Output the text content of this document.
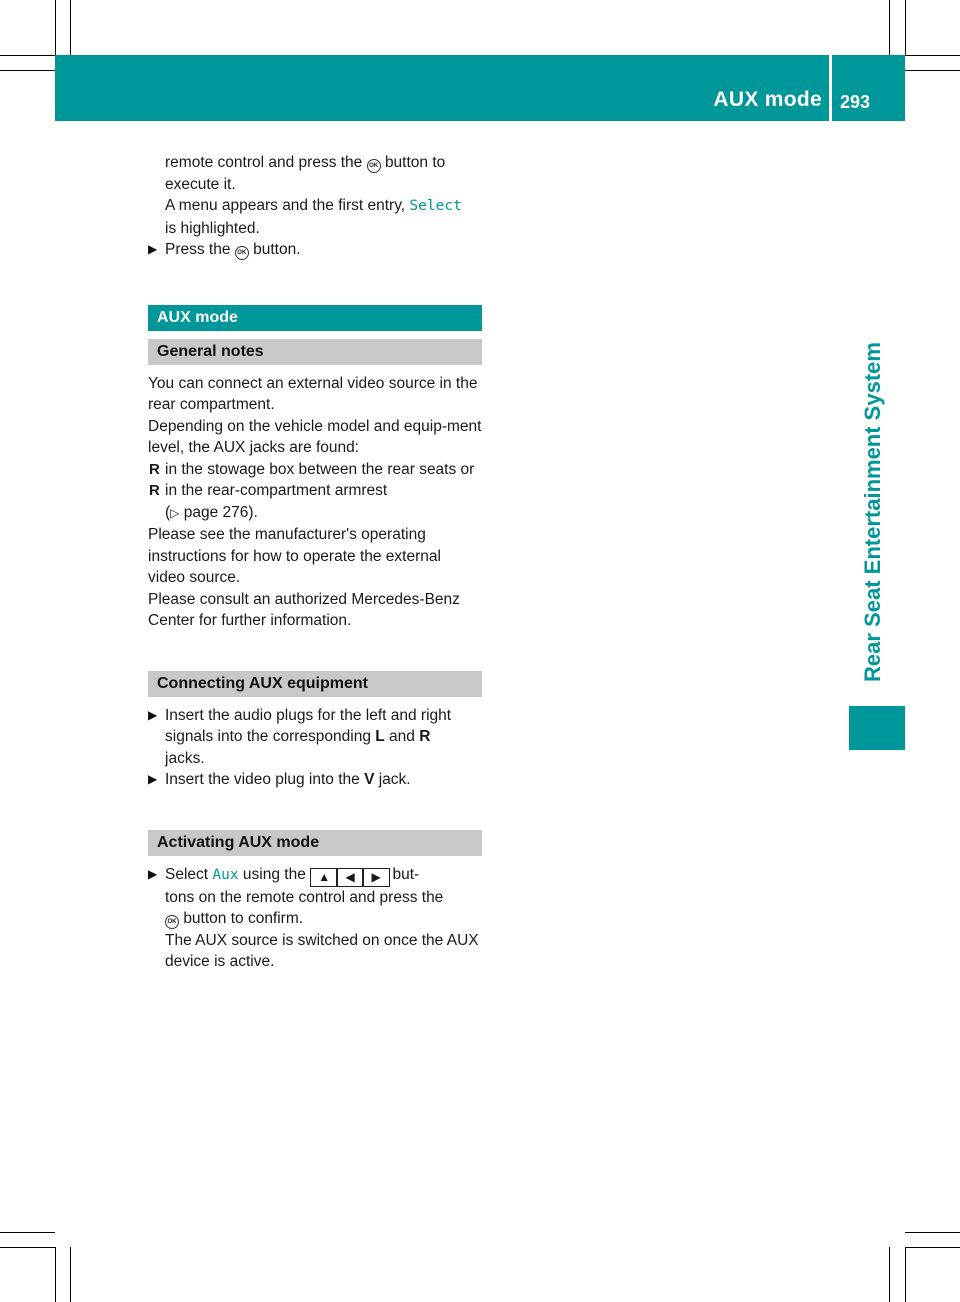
AUX mode 293
Rear Seat Entertainment System

remote control and press the OK button to

execute it.

A menu appears and the first entry, Select

is highlighted.

▶ Press the OK button.

AUX mode
General notes

You can connect an external video source in the rear compartment.

Depending on the vehicle model and equip-ment level, the AUX jacks are found:

R in the stowage box between the rear seats or

R in the rear-compartment armrest
(▷ page 276).

Please see the manufacturer's operating instructions for how to operate the external video source.

Please consult an authorized Mercedes-Benz Center for further information.

Connecting AUX equipment

▶ Insert the audio plugs for the left and right signals into the corresponding L and R
jacks.

▶ Insert the video plug into the V jack.

Activating AUX mode
▶ Select Aux using the ▲ ◀ ▶ but-

tons on the remote control and press the

OK button to confirm.

The AUX source is switched on once the AUX device is active.
